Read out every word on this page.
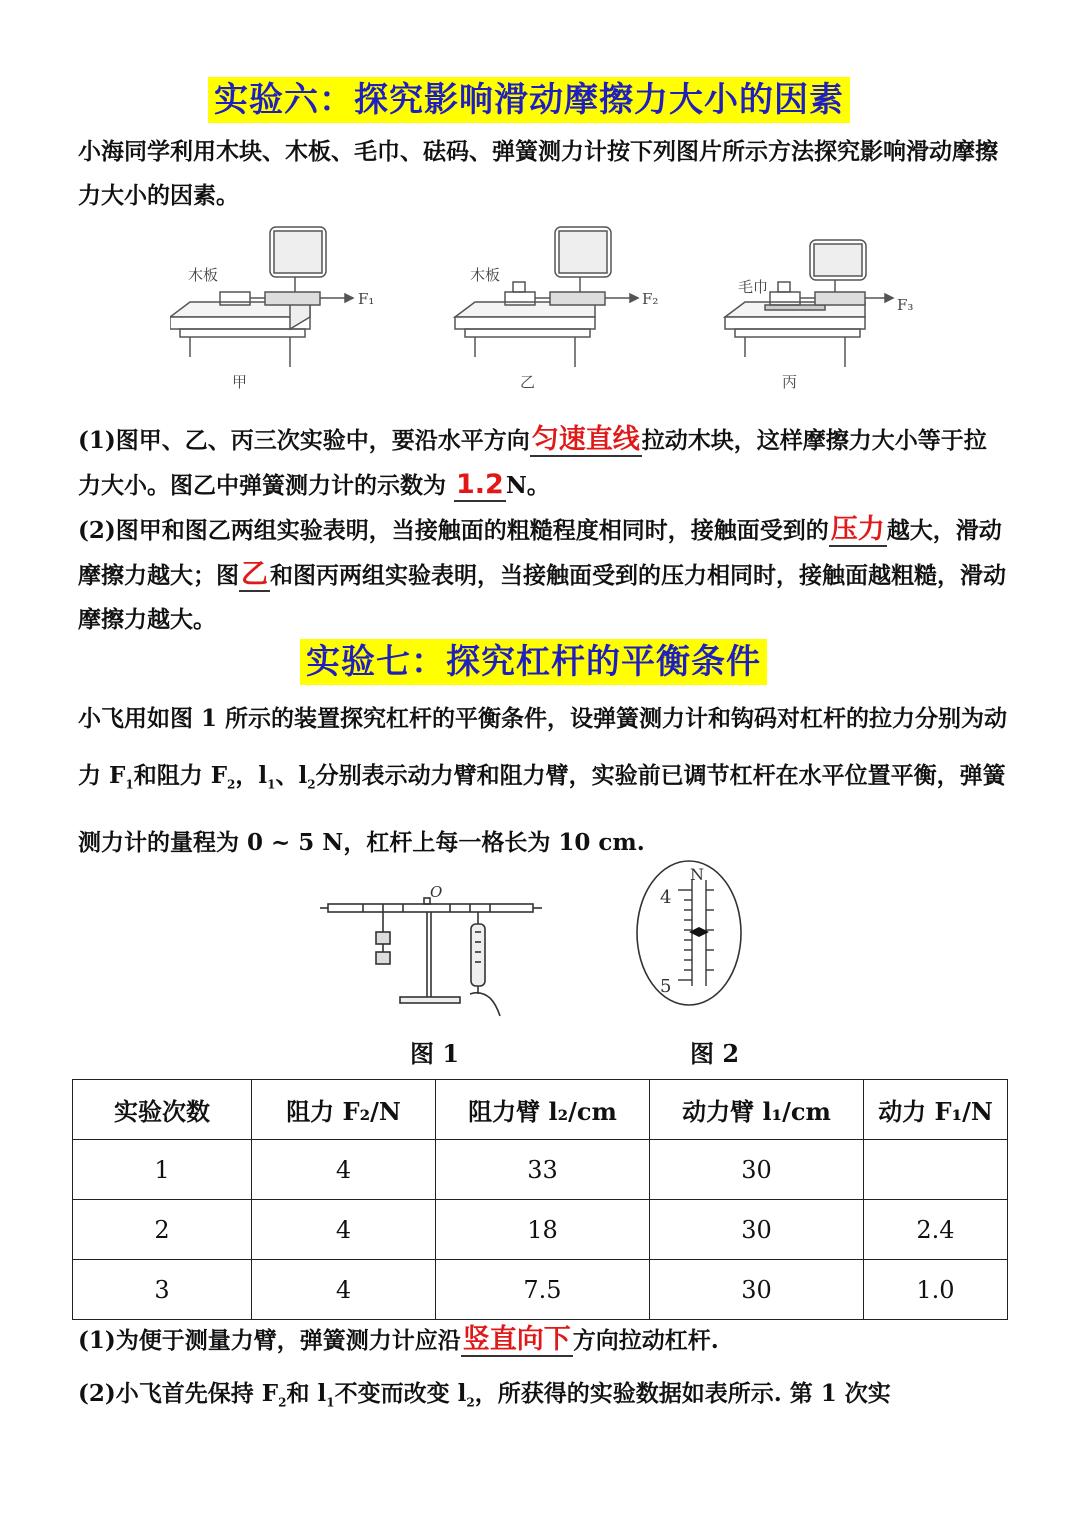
实验六：探究影响滑动摩擦力大小的因素
小海同学利用木块、木板、毛巾、砝码、弹簧测力计按下列图片所示方法探究影响滑动摩擦力大小的因素。
木板	木板
毛巾
F₁	F₂	F₃
甲	乙	丙
(1)图甲、乙、丙三次实验中，要沿水平方向匀速直线拉动木块，这样摩擦力大小等于拉力大小。图乙中弹簧测力计的示数为 1.2N。
(2)图甲和图乙两组实验表明，当接触面的粗糙程度相同时，接触面受到的压力越大，滑动摩擦力越大；图乙和图丙两组实验表明，当接触面受到的压力相同时，接触面越粗糙，滑动摩擦力越大。
实验七：探究杠杆的平衡条件
小飞用如图 1 所示的装置探究杠杆的平衡条件，设弹簧测力计和钩码对杠杆的拉力分别为动力 $F_1$和阻力 $F_2$，$l_1$、$l_2$分别表示动力臂和阻力臂，实验前已调节杠杆在水平位置平衡，弹簧测力计的量程为 0 ~ 5 N，杠杆上每一格长为 10 cm.
O
N
4
5
图 1	图 2
实验次数	阻力 F₂/N	阻力臂 l₂/cm	动力臂 l₁/cm	动力 F₁/N
1	4	33	30	
2	4	18	30	2.4
3	4	7.5	30	1.0
(1)为便于测量力臂，弹簧测力计应沿竖直向下方向拉动杠杆.
(2)小飞首先保持 $F_2$和 $l_1$不变而改变 $l_2$，所获得的实验数据如表所示. 第 1 次实
